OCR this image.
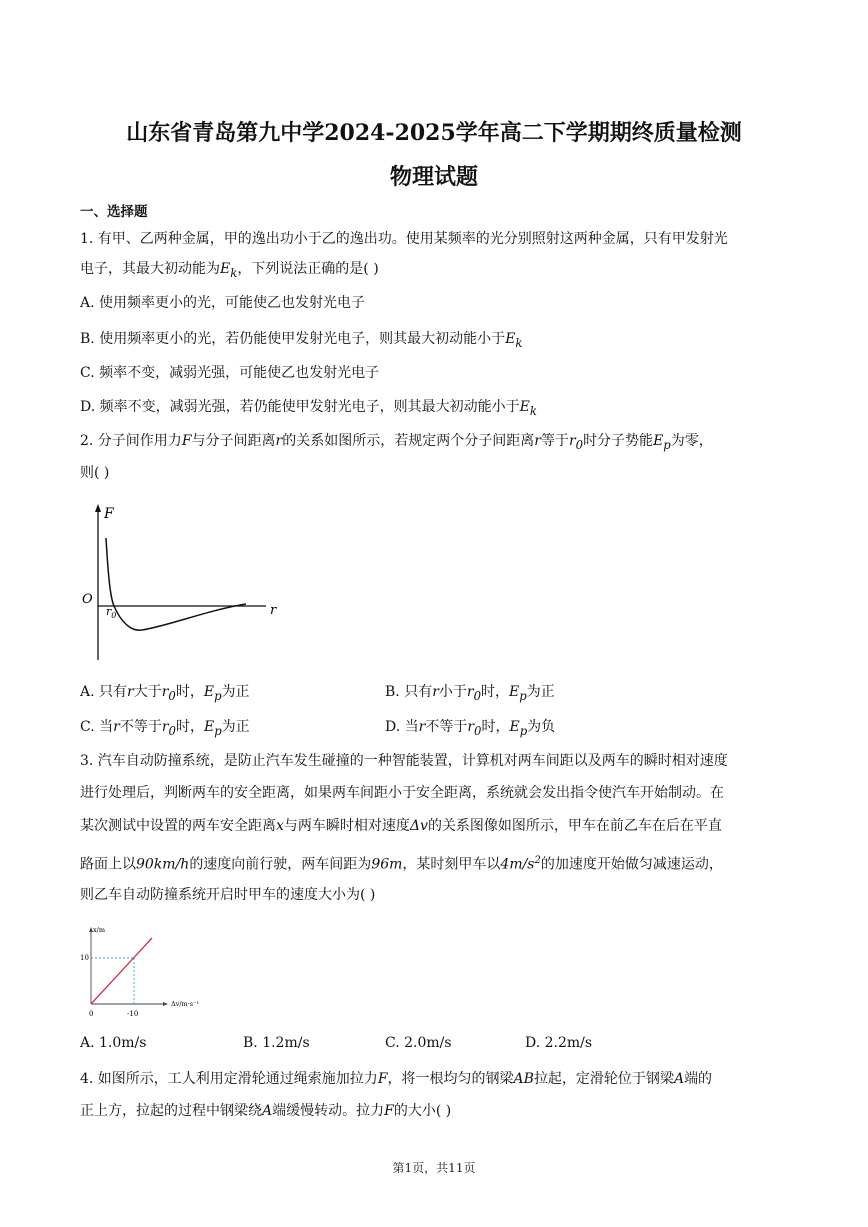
山东省青岛第九中学2024-2025学年高二下学期期终质量检测
物理试题
一、选择题
1. 有甲、乙两种金属，甲的逸出功小于乙的逸出功。使用某频率的光分别照射这两种金属，只有甲发射光
电子，其最大初动能为$E_k$，下列说法正确的是( )
A. 使用频率更小的光，可能使乙也发射光电子
B. 使用频率更小的光，若仍能使甲发射光电子，则其最大初动能小于$E_k$
C. 频率不变，减弱光强，可能使乙也发射光电子
D. 频率不变，减弱光强，若仍能使甲发射光电子，则其最大初动能小于$E_k$
2. 分子间作用力F与分子间距离r的关系如图所示，若规定两个分子间距离r等于$r_0$时分子势能$E_p$为零，
则( )
F
O
$r_0$	r
A. 只有r大于$r_0$时，$E_p$为正	B. 只有r小于$r_0$时，$E_p$为正
C. 当r不等于$r_0$时，$E_p$为正	D. 当r不等于$r_0$时，$E_p$为负
3. 汽车自动防撞系统，是防止汽车发生碰撞的一种智能装置，计算机对两车间距以及两车的瞬时相对速度
进行处理后，判断两车的安全距离，如果两车间距小于安全距离，系统就会发出指令使汽车开始制动。在
某次测试中设置的两车安全距离x与两车瞬时相对速度Δv的关系图像如图所示，甲车在前乙车在后在平直
路面上以90km/h的速度向前行驶，两车间距为96m，某时刻甲车以$4m/s^2$的加速度开始做匀减速运动，
则乙车自动防撞系统开启时甲车的速度大小为( )
x/m
10
Δv/m·s⁻¹
-10
0
A. 1.0m/s	B. 1.2m/s	C. 2.0m/s	D. 2.2m/s
4. 如图所示，工人利用定滑轮通过绳索施加拉力F，将一根均匀的钢梁AB拉起，定滑轮位于钢梁A端的
正上方，拉起的过程中钢梁绕A端缓慢转动。拉力F的大小( )
第1页，共11页
